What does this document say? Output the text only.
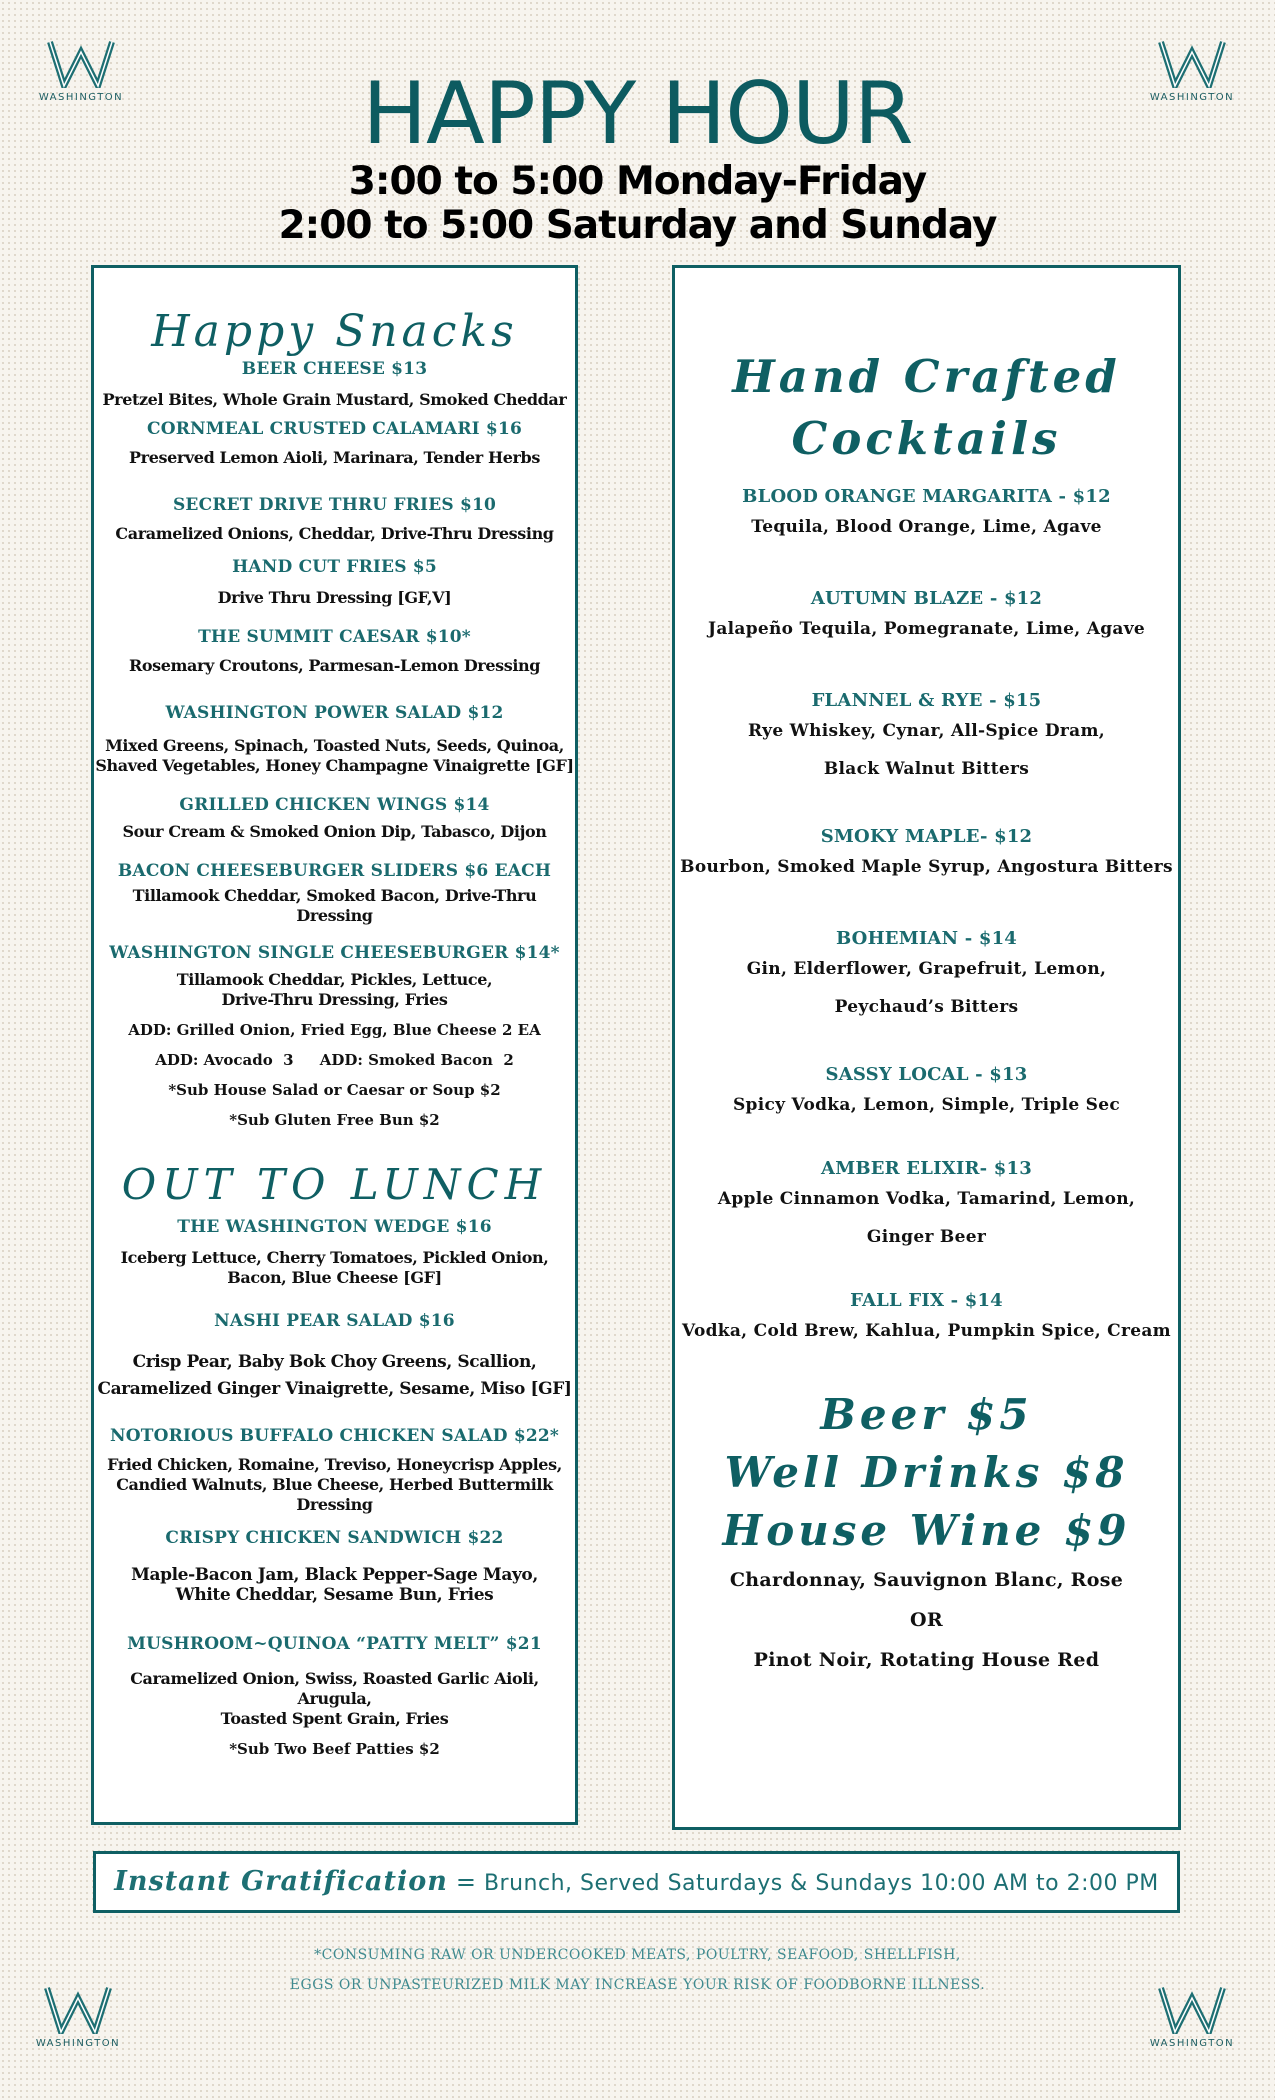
WASHINGTON	WASHINGTON
WASHINGTON	WASHINGTON
HAPPY HOUR
3:00 to 5:00 Monday-Friday
2:00 to 5:00 Saturday and Sunday
Happy Snacks
BEER CHEESE $13
Pretzel Bites, Whole Grain Mustard, Smoked Cheddar
CORNMEAL CRUSTED CALAMARI $16
Preserved Lemon Aioli, Marinara, Tender Herbs
SECRET DRIVE THRU FRIES $10
Caramelized Onions, Cheddar, Drive-Thru Dressing
HAND CUT FRIES $5
Drive Thru Dressing [GF,V]
THE SUMMIT CAESAR $10*
Rosemary Croutons, Parmesan-Lemon Dressing
WASHINGTON POWER SALAD $12
Mixed Greens, Spinach, Toasted Nuts, Seeds, Quinoa,
Shaved Vegetables, Honey Champagne Vinaigrette [GF]
GRILLED CHICKEN WINGS $14
Sour Cream & Smoked Onion Dip, Tabasco, Dijon
BACON CHEESEBURGER SLIDERS $6 EACH
Tillamook Cheddar, Smoked Bacon, Drive-Thru Dressing
WASHINGTON SINGLE CHEESEBURGER $14*
Tillamook Cheddar, Pickles, Lettuce,
Drive-Thru Dressing, Fries
ADD: Grilled Onion, Fried Egg, Blue Cheese 2 EA
ADD: Avocado  3     ADD: Smoked Bacon  2
*Sub House Salad or Caesar or Soup $2
*Sub Gluten Free Bun $2
OUT TO LUNCH
THE WASHINGTON WEDGE $16
Iceberg Lettuce, Cherry Tomatoes, Pickled Onion,
Bacon, Blue Cheese [GF]
NASHI PEAR SALAD $16
Crisp Pear, Baby Bok Choy Greens, Scallion,
Caramelized Ginger Vinaigrette, Sesame, Miso [GF]
NOTORIOUS BUFFALO CHICKEN SALAD $22*
Fried Chicken, Romaine, Treviso, Honeycrisp Apples,
Candied Walnuts, Blue Cheese, Herbed Buttermilk Dressing
CRISPY CHICKEN SANDWICH $22
Maple-Bacon Jam, Black Pepper-Sage Mayo,
White Cheddar, Sesame Bun, Fries
MUSHROOM~QUINOA “PATTY MELT” $21
Caramelized Onion, Swiss, Roasted Garlic Aioli, Arugula,
Toasted Spent Grain, Fries
*Sub Two Beef Patties $2
Hand Crafted
Cocktails
BLOOD ORANGE MARGARITA - $12
Tequila, Blood Orange, Lime, Agave
AUTUMN BLAZE - $12
Jalapeño Tequila, Pomegranate, Lime, Agave
FLANNEL & RYE - $15
Rye Whiskey, Cynar, All-Spice Dram,
Black Walnut Bitters
SMOKY MAPLE- $12
Bourbon, Smoked Maple Syrup, Angostura Bitters
BOHEMIAN - $14
Gin, Elderflower, Grapefruit, Lemon,
Peychaud’s Bitters
SASSY LOCAL - $13
Spicy Vodka, Lemon, Simple, Triple Sec
AMBER ELIXIR- $13
Apple Cinnamon Vodka, Tamarind, Lemon,
Ginger Beer
FALL FIX - $14
Vodka, Cold Brew, Kahlua, Pumpkin Spice, Cream
Beer $5
Well Drinks $8
House Wine $9
Chardonnay, Sauvignon Blanc, Rose
OR
Pinot Noir, Rotating House Red
Instant Gratification = Brunch, Served Saturdays & Sundays 10:00 AM to 2:00 PM
*CONSUMING RAW OR UNDERCOOKED MEATS, POULTRY, SEAFOOD, SHELLFISH,
EGGS OR UNPASTEURIZED MILK MAY INCREASE YOUR RISK OF FOODBORNE ILLNESS.
